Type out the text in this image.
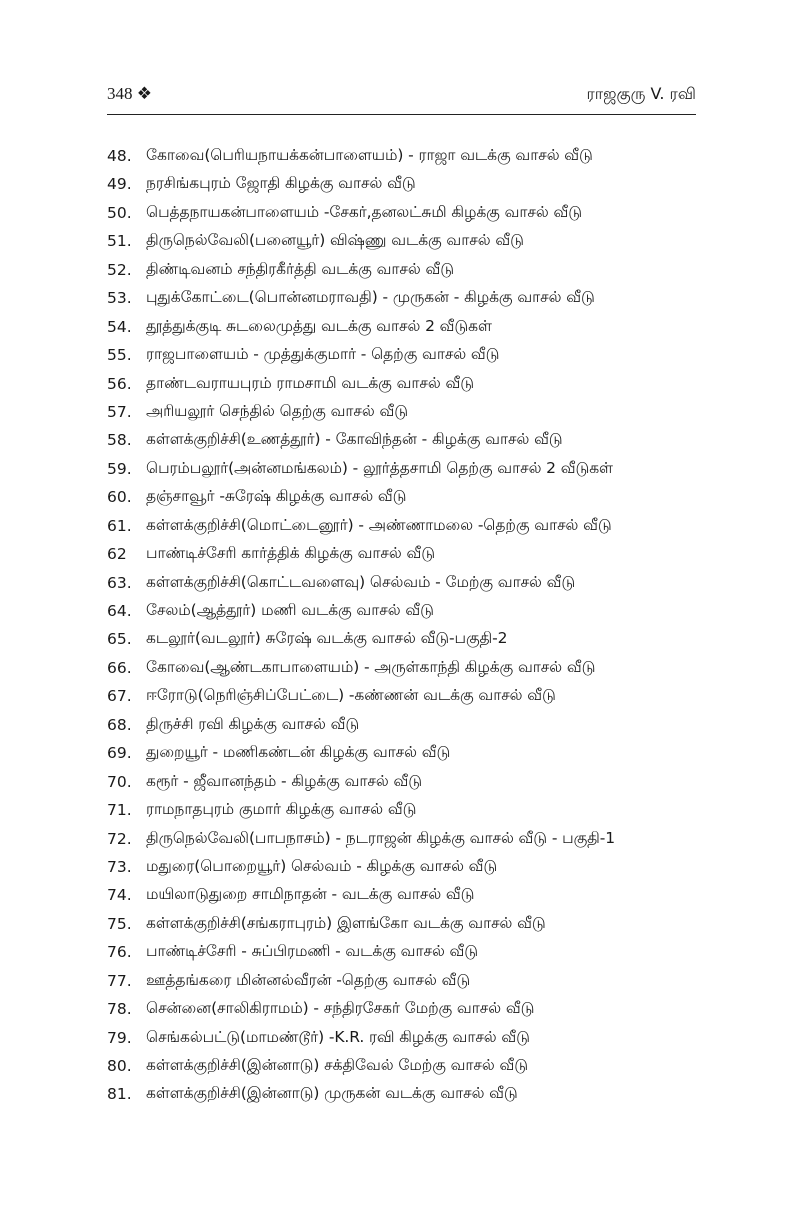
348 ❖	ராஜகுரு V. ரவி
48. கோவை(பெரியநாயக்கன்பாளையம்) - ராஜா வடக்கு வாசல் வீடு
49. நரசிங்கபுரம் ஜோதி கிழக்கு வாசல் வீடு
50. பெத்தநாயகன்பாளையம் -சேகர்,தனலட்சுமி கிழக்கு வாசல் வீடு
51. திருநெல்வேலி(பனையூர்) விஷ்ணு வடக்கு வாசல் வீடு
52. திண்டிவனம் சந்திரகீர்த்தி வடக்கு வாசல் வீடு
53. புதுக்கோட்டை(பொன்னமராவதி) - முருகன் - கிழக்கு வாசல் வீடு
54. தூத்துக்குடி சுடலைமுத்து வடக்கு வாசல் 2 வீடுகள்
55. ராஜபாளையம் - முத்துக்குமார் - தெற்கு வாசல் வீடு
56. தாண்டவராயபுரம் ராமசாமி வடக்கு வாசல் வீடு
57. அரியலூர் செந்தில் தெற்கு வாசல் வீடு
58. கள்ளக்குறிச்சி(உணத்தூர்) - கோவிந்தன் - கிழக்கு வாசல் வீடு
59. பெரம்பலூர்(அன்னமங்கலம்) - லூர்த்தசாமி தெற்கு வாசல் 2 வீடுகள்
60. தஞ்சாவூர் -சுரேஷ் கிழக்கு வாசல் வீடு
61. கள்ளக்குறிச்சி(மொட்டைனூர்) - அண்ணாமலை -தெற்கு வாசல் வீடு
62	பாண்டிச்சேரி கார்த்திக் கிழக்கு வாசல் வீடு
63. கள்ளக்குறிச்சி(கொட்டவளைவு) செல்வம் - மேற்கு வாசல் வீடு
64. சேலம்(ஆத்தூர்) மணி வடக்கு வாசல் வீடு
65. கடலூர்(வடலூர்) சுரேஷ் வடக்கு வாசல் வீடு-பகுதி-2
66. கோவை(ஆண்டகாபாளையம்) - அருள்காந்தி கிழக்கு வாசல் வீடு
67. ஈரோடு(நெரிஞ்சிப்பேட்டை) -கண்ணன் வடக்கு வாசல் வீடு
68. திருச்சி ரவி கிழக்கு வாசல் வீடு
69. துறையூர் - மணிகண்டன் கிழக்கு வாசல் வீடு
70. கரூர் - ஜீவானந்தம் - கிழக்கு வாசல் வீடு
71. ராமநாதபுரம் குமார் கிழக்கு வாசல் வீடு
72. திருநெல்வேலி(பாபநாசம்) - நடராஜன் கிழக்கு வாசல் வீடு - பகுதி-1
73. மதுரை(பொறையூர்) செல்வம் - கிழக்கு வாசல் வீடு
74. மயிலாடுதுறை சாமிநாதன் - வடக்கு வாசல் வீடு
75. கள்ளக்குறிச்சி(சங்கராபுரம்) இளங்கோ வடக்கு வாசல் வீடு
76. பாண்டிச்சேரி - சுப்பிரமணி - வடக்கு வாசல் வீடு
77. ஊத்தங்கரை மின்னல்வீரன் -தெற்கு வாசல் வீடு
78. சென்னை(சாலிகிராமம்) - சந்திரசேகர் மேற்கு வாசல் வீடு
79. செங்கல்பட்டு(மாமண்டூர்) -K.R. ரவி கிழக்கு வாசல் வீடு
80. கள்ளக்குறிச்சி(இன்னாடு) சக்திவேல் மேற்கு வாசல் வீடு
81. கள்ளக்குறிச்சி(இன்னாடு) முருகன் வடக்கு வாசல் வீடு
